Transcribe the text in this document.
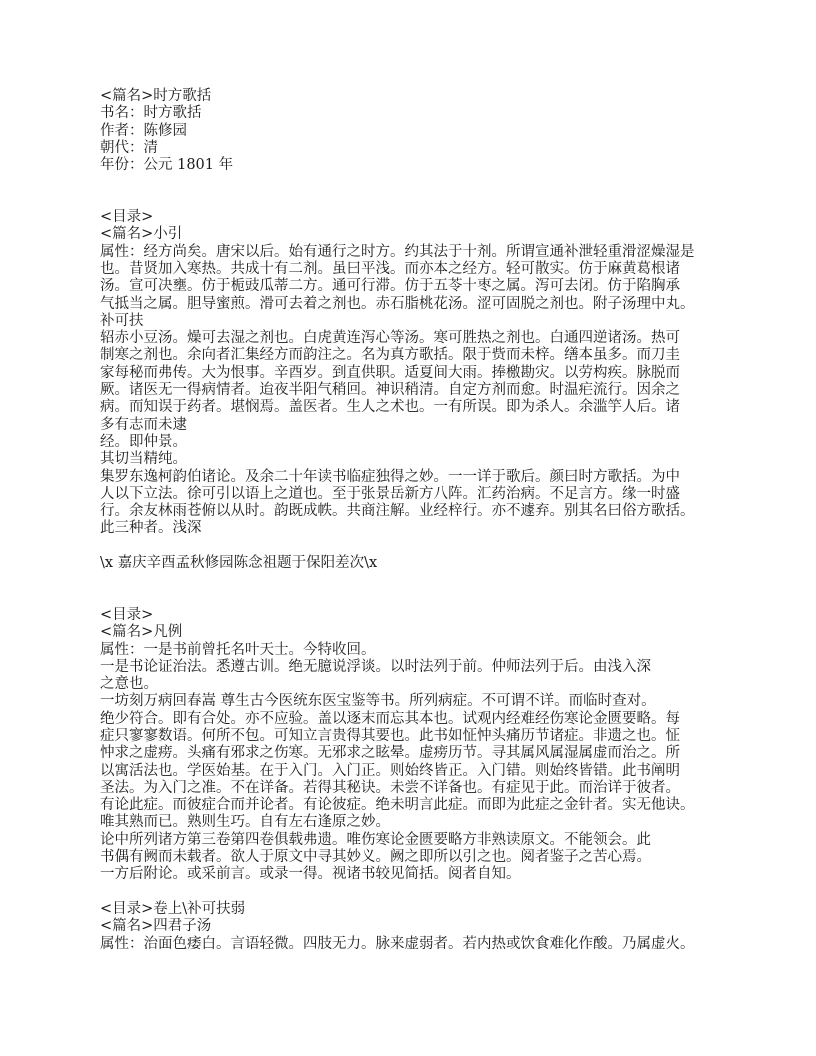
<篇名>时方歌括
书名：时方歌括
作者：陈修园
朝代：清
年份：公元 1801 年

<目录>
<篇名>小引
属性：经方尚矣。唐宋以后。始有通行之时方。约其法于十剂。所谓宣通补泄轻重滑涩燥湿是
也。昔贤加入寒热。共成十有二剂。虽曰平浅。而亦本之经方。轻可散实。仿于麻黄葛根诸
汤。宣可决壅。仿于栀豉瓜蒂二方。通可行滞。仿于五苓十枣之属。泻可去闭。仿于陷胸承
气抵当之属。胆导蜜煎。滑可去着之剂也。赤石脂桃花汤。涩可固脱之剂也。附子汤理中丸。
补可扶
轺赤小豆汤。燥可去湿之剂也。白虎黄连泻心等汤。寒可胜热之剂也。白通四逆诸汤。热可
制寒之剂也。余向者汇集经方而韵注之。名为真方歌括。限于赀而未梓。缮本虽多。而刀圭
家每秘而弗传。大为恨事。辛酉岁。到直供职。适夏间大雨。捧檄勘灾。以劳构疾。脉脱而
厥。诸医无一得病情者。迨夜半阳气稍回。神识稍清。自定方剂而愈。时温疟流行。因余之
病。而知误于药者。堪悯焉。盖医者。生人之术也。一有所误。即为杀人。余滥竽人后。诸
多有志而未逮
经。即仲景。
其切当精纯。
集罗东逸柯韵伯诸论。及余二十年读书临症独得之妙。一一详于歌后。颜曰时方歌括。为中
人以下立法。徐可引以语上之道也。至于张景岳新方八阵。汇药治病。不足言方。缘一时盛
行。余友林雨苍俯以从时。韵既成帙。共商注解。业经梓行。亦不遽弃。别其名曰俗方歌括。
此三种者。浅深

\x 嘉庆辛酉孟秋修园陈念祖题于保阳差次\x

<目录>
<篇名>凡例
属性：一是书前曾托名叶天士。今特收回。
一是书论证治法。悉遵古训。绝无臆说浮谈。以时法列于前。仲师法列于后。由浅入深
之意也。
一坊刻万病回春嵩 尊生古今医统东医宝鉴等书。所列病症。不可谓不详。而临时查对。
绝少符合。即有合处。亦不应验。盖以逐末而忘其本也。试观内经难经伤寒论金匮要略。每
症只寥寥数语。何所不包。可知立言贵得其要也。此书如怔忡头痛历节诸症。非遗之也。怔
忡求之虚痨。头痛有邪求之伤寒。无邪求之眩晕。虚痨历节。寻其属风属湿属虚而治之。所
以寓活法也。学医始基。在于入门。入门正。则始终皆正。入门错。则始终皆错。此书阐明
圣法。为入门之准。不在详备。若得其秘诀。未尝不详备也。有症见于此。而治详于彼者。
有论此症。而彼症合而并论者。有论彼症。绝未明言此症。而即为此症之金针者。实无他诀。
唯其熟而已。熟则生巧。自有左右逢原之妙。
论中所列诸方第三卷第四卷俱载弗遗。唯伤寒论金匮要略方非熟读原文。不能领会。此
书偶有阙而未载者。欲人于原文中寻其妙义。阙之即所以引之也。阅者鉴子之苦心焉。
一方后附论。或采前言。或录一得。视诸书较见简括。阅者自知。

<目录>卷上\补可扶弱
<篇名>四君子汤
属性：治面色痿白。言语轻微。四肢无力。脉来虚弱者。若内热或饮食难化作酸。乃属虚火。
